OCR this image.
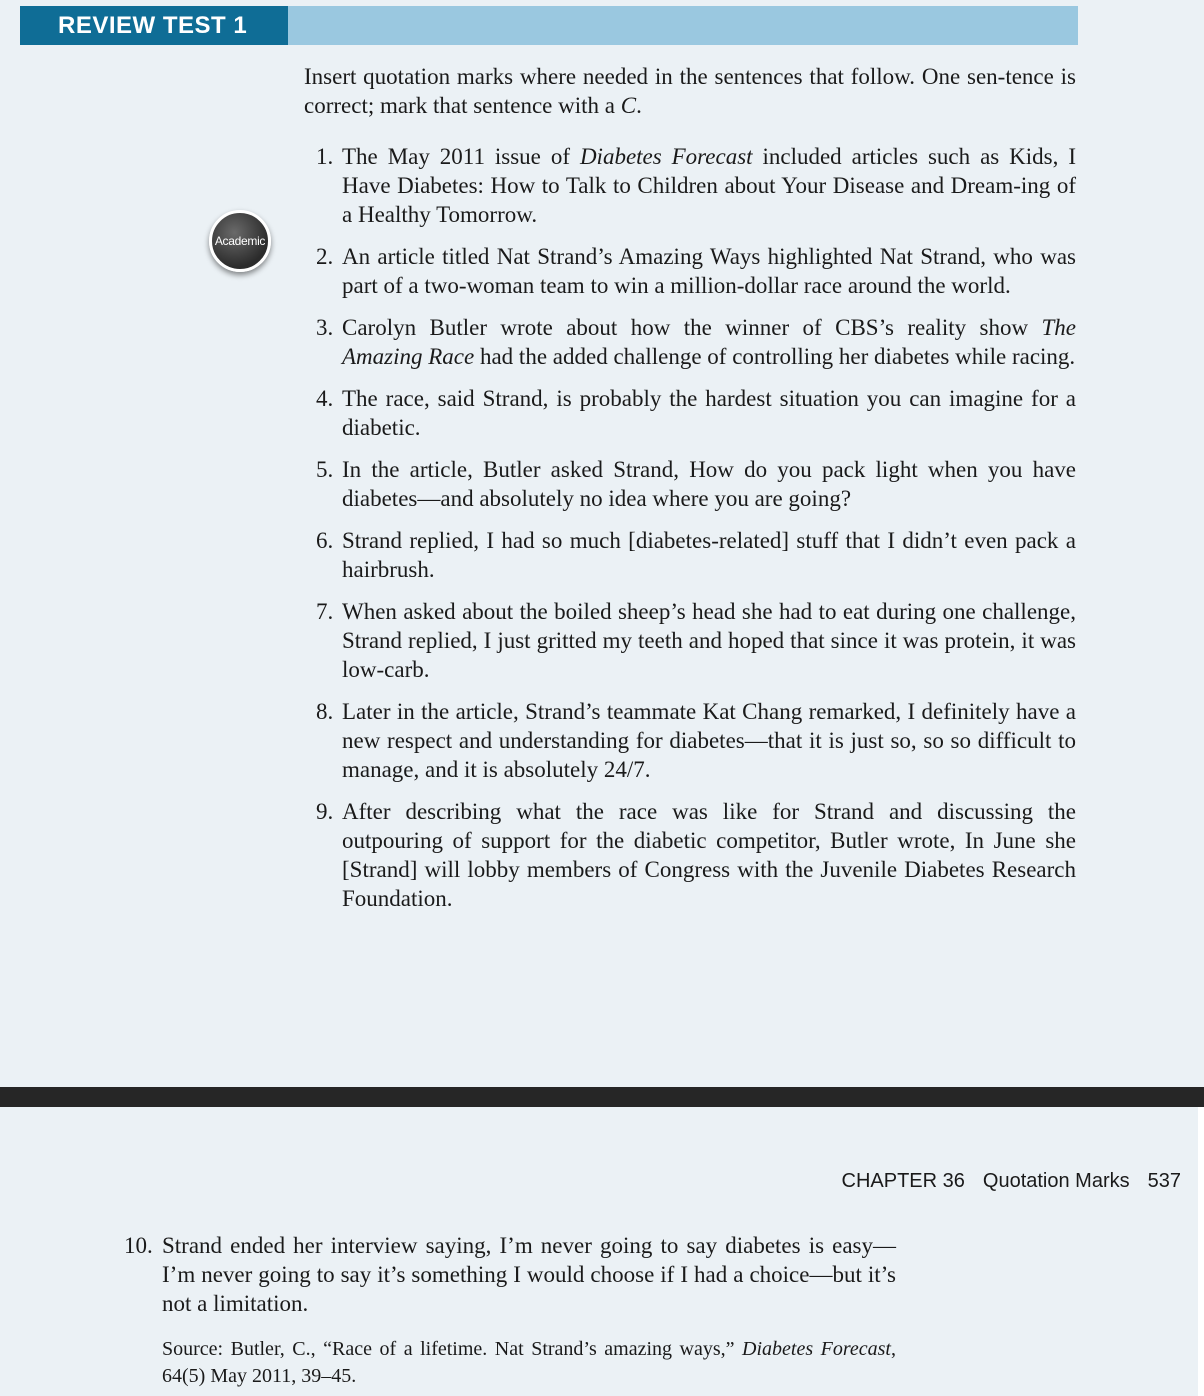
REVIEW TEST 1

Insert quotation marks where needed in the sentences that follow. One sen-tence is correct; mark that sentence with a C.

Academic
1. The May 2011 issue of Diabetes Forecast included articles such as Kids, I Have Diabetes: How to Talk to Children about Your Disease and Dream-ing of a Healthy Tomorrow.
2. An article titled Nat Strand’s Amazing Ways highlighted Nat Strand, who was part of a two-woman team to win a million-dollar race around the world.
3. Carolyn Butler wrote about how the winner of CBS’s reality show The Amazing Race had the added challenge of controlling her diabetes while racing.
4. The race, said Strand, is probably the hardest situation you can imagine for a diabetic.
5. In the article, Butler asked Strand, How do you pack light when you have diabetes—and absolutely no idea where you are going?
6. Strand replied, I had so much [diabetes-related] stuff that I didn’t even pack a hairbrush.
7. When asked about the boiled sheep’s head she had to eat during one challenge, Strand replied, I just gritted my teeth and hoped that since it was protein, it was low-carb.
8. Later in the article, Strand’s teammate Kat Chang remarked, I definitely have a new respect and understanding for diabetes—that it is just so, so so difficult to manage, and it is absolutely 24/7.
9. After describing what the race was like for Strand and discussing the outpouring of support for the diabetic competitor, Butler wrote, In June she [Strand] will lobby members of Congress with the Juvenile Diabetes Research Foundation.
CHAPTER 36 Quotation Marks 537
10. Strand ended her interview saying, I’m never going to say diabetes is easy—I’m never going to say it’s something I would choose if I had a choice—but it’s not a limitation.
Source: Butler, C., “Race of a lifetime. Nat Strand’s amazing ways,” Diabetes Forecast, 64(5) May 2011, 39–45.
